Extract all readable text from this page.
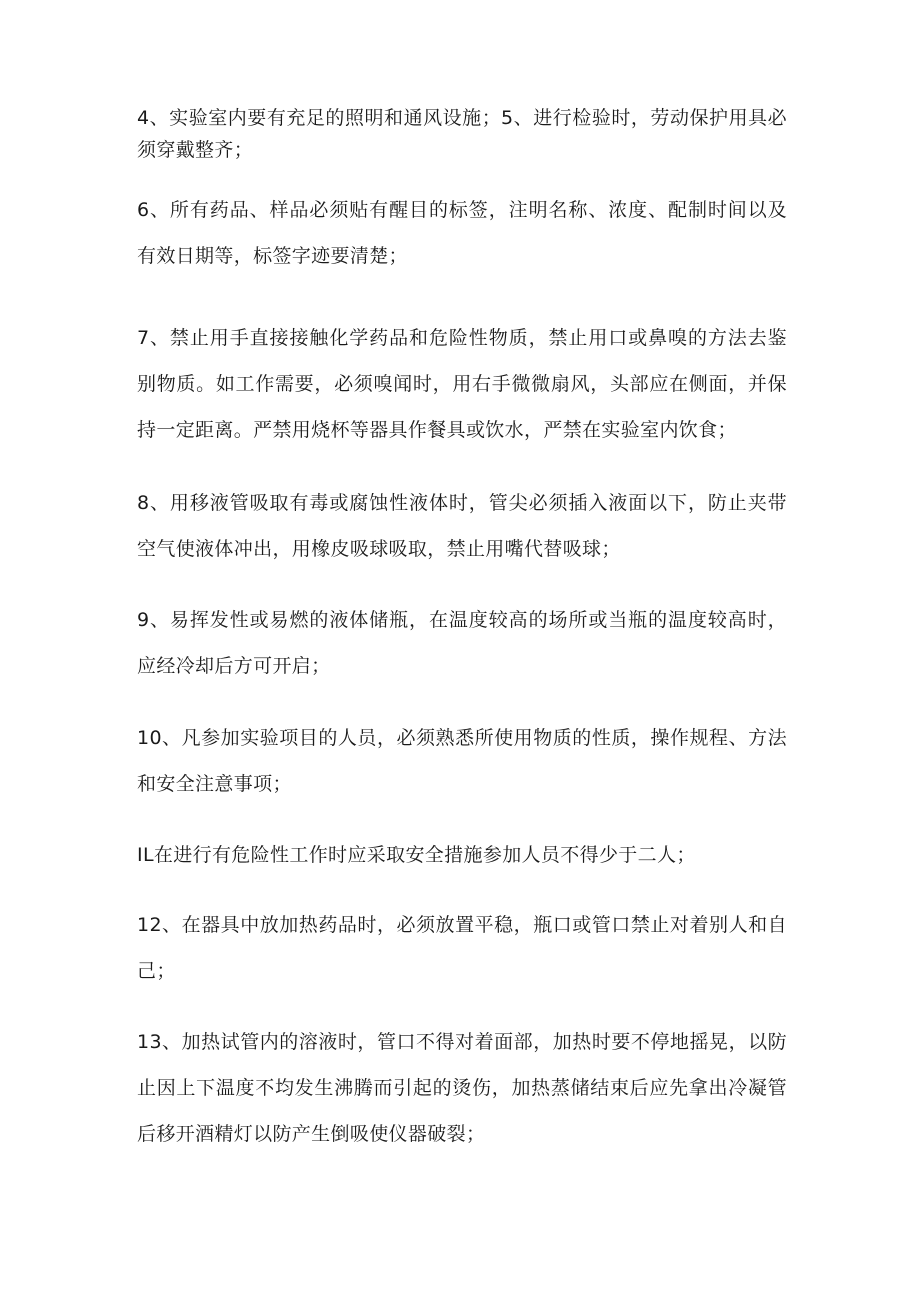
4、实验室内要有充足的照明和通风设施；5、进行检验时，劳动保护用具必须穿戴整齐；

6、所有药品、样品必须贴有醒目的标签，注明名称、浓度、配制时间以及有效日期等，标签字迹要清楚；

7、禁止用手直接接触化学药品和危险性物质，禁止用口或鼻嗅的方法去鉴别物质。如工作需要，必须嗅闻时，用右手微微扇风，头部应在侧面，并保持一定距离。严禁用烧杯等器具作餐具或饮水，严禁在实验室内饮食；

8、用移液管吸取有毒或腐蚀性液体时，管尖必须插入液面以下，防止夹带空气使液体冲出，用橡皮吸球吸取，禁止用嘴代替吸球；

9、易挥发性或易燃的液体储瓶，在温度较高的场所或当瓶的温度较高时，应经冷却后方可开启；

10、凡参加实验项目的人员，必须熟悉所使用物质的性质，操作规程、方法和安全注意事项；

IL在进行有危险性工作时应采取安全措施参加人员不得少于二人；

12、在器具中放加热药品时，必须放置平稳，瓶口或管口禁止对着别人和自己；

13、加热试管内的溶液时，管口不得对着面部，加热时要不停地摇晃，以防止因上下温度不均发生沸腾而引起的烫伤，加热蒸储结束后应先拿出冷凝管后移开酒精灯以防产生倒吸使仪器破裂；
